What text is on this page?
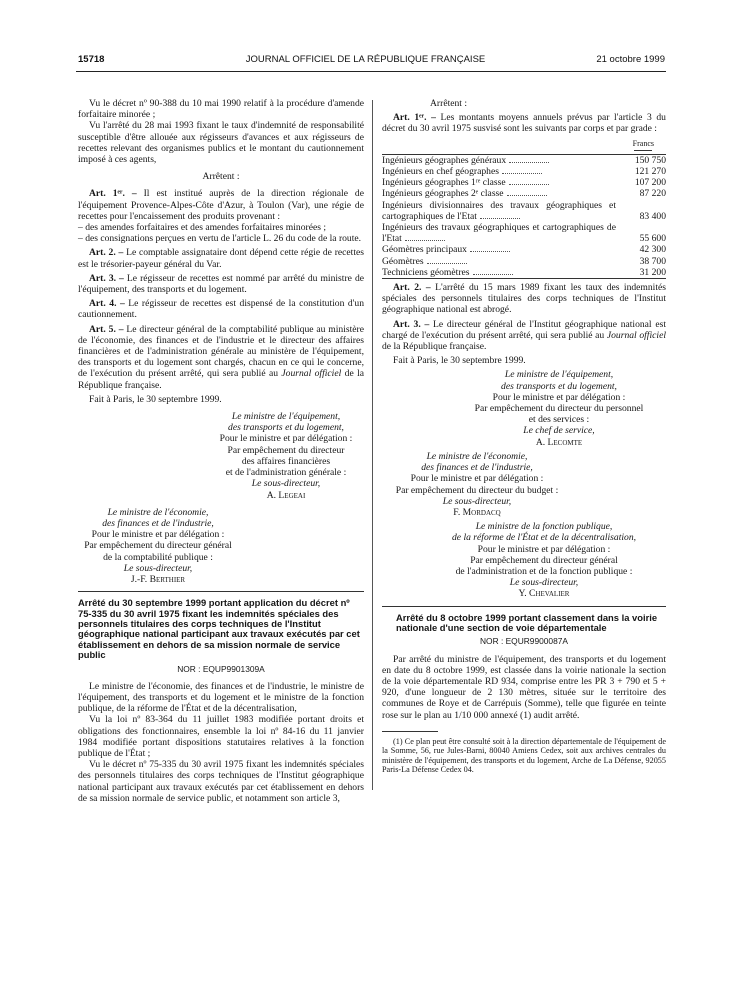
15718	JOURNAL OFFICIEL DE LA RÉPUBLIQUE FRANÇAISE	21 octobre 1999

Vu le décret nº 90-388 du 10 mai 1990 relatif à la procédure d'amende forfaitaire minorée ;

Vu l'arrêté du 28 mai 1993 fixant le taux d'indemnité de responsabilité susceptible d'être allouée aux régisseurs d'avances et aux régisseurs de recettes relevant des organismes publics et le montant du cautionnement imposé à ces agents,

Arrêtent :

Art. 1ᵉʳ. – Il est institué auprès de la direction régionale de l'équipement Provence-Alpes-Côte d'Azur, à Toulon (Var), une régie de recettes pour l'encaissement des produits provenant :

– des amendes forfaitaires et des amendes forfaitaires minorées ;

– des consignations perçues en vertu de l'article L. 26 du code de la route.

Art. 2. – Le comptable assignataire dont dépend cette régie de recettes est le trésorier-payeur général du Var.

Art. 3. – Le régisseur de recettes est nommé par arrêté du ministre de l'équipement, des transports et du logement.

Art. 4. – Le régisseur de recettes est dispensé de la constitution d'un cautionnement.

Art. 5. – Le directeur général de la comptabilité publique au ministère de l'économie, des finances et de l'industrie et le directeur des affaires financières et de l'administration générale au ministère de l'équipement, des transports et du logement sont chargés, chacun en ce qui le concerne, de l'exécution du présent arrêté, qui sera publié au Journal officiel de la République française.

Fait à Paris, le 30 septembre 1999.

Le ministre de l'équipement,

des transports et du logement,

Pour le ministre et par délégation :

Par empêchement du directeur

des affaires financières

et de l'administration générale :

Le sous-directeur,

A. Legeai

Le ministre de l'économie,

des finances et de l'industrie,

Pour le ministre et par délégation :

Par empêchement du directeur général

de la comptabilité publique :

Le sous-directeur,

J.-F. Berthier

Arrêté du 30 septembre 1999 portant application du décret nº 75-335 du 30 avril 1975 fixant les indemnités spéciales des personnels titulaires des corps techniques de l'Institut géographique national participant aux travaux exécutés par cet établissement en dehors de sa mission normale de service public

NOR : EQUP9901309A

Le ministre de l'économie, des finances et de l'industrie, le ministre de l'équipement, des transports et du logement et le ministre de la fonction publique, de la réforme de l'État et de la décentralisation,

Vu la loi nº 83-364 du 11 juillet 1983 modifiée portant droits et obligations des fonctionnaires, ensemble la loi nº 84-16 du 11 janvier 1984 modifiée portant dispositions statutaires relatives à la fonction publique de l'État ;

Vu le décret nº 75-335 du 30 avril 1975 fixant les indemnités spéciales des personnels titulaires des corps techniques de l'Institut géographique national participant aux travaux exécutés par cet établissement en dehors de sa mission normale de service public, et notamment son article 3,

Arrêtent :

Art. 1ᵉʳ. – Les montants moyens annuels prévus par l'article 3 du décret du 30 avril 1975 susvisé sont les suivants par corps et par grade :

Francs

Ingénieurs géographes généraux	150 750
Ingénieurs en chef géographes	121 270
Ingénieurs géographes 1ʳᵉ classe	107 200
Ingénieurs géographes 2ᵉ classe	87 220
Ingénieurs divisionnaires des travaux géographiques et cartographiques de l'Etat	83 400
Ingénieurs des travaux géographiques et cartographiques de l'Etat	55 600
Géomètres principaux	42 300
Géomètres	38 700
Techniciens géomètres	31 200

Art. 2. – L'arrêté du 15 mars 1989 fixant les taux des indemnités spéciales des personnels titulaires des corps techniques de l'Institut géographique national est abrogé.

Art. 3. – Le directeur général de l'Institut géographique national est chargé de l'exécution du présent arrêté, qui sera publié au Journal officiel de la République française.

Fait à Paris, le 30 septembre 1999.

Le ministre de l'équipement,

des transports et du logement,

Pour le ministre et par délégation :

Par empêchement du directeur du personnel

et des services :

Le chef de service,

A. Lecomte

Le ministre de l'économie,

des finances et de l'industrie,

Pour le ministre et par délégation :

Par empêchement du directeur du budget :

Le sous-directeur,

F. Mordacq

Le ministre de la fonction publique,

de la réforme de l'État et de la décentralisation,

Pour le ministre et par délégation :

Par empêchement du directeur général

de l'administration et de la fonction publique :

Le sous-directeur,

Y. Chevalier

Arrêté du 8 octobre 1999 portant classement dans la voirie nationale d'une section de voie départementale

NOR : EQUR9900087A

Par arrêté du ministre de l'équipement, des transports et du logement en date du 8 octobre 1999, est classée dans la voirie nationale la section de la voie départementale RD 934, comprise entre les PR 3 + 790 et 5 + 920, d'une longueur de 2 130 mètres, située sur le territoire des communes de Roye et de Carrépuis (Somme), telle que figurée en teinte rose sur le plan au 1/10 000 annexé (1) audit arrêté.

(1) Ce plan peut être consulté soit à la direction départementale de l'équipement de la Somme, 56, rue Jules-Barni, 80040 Amiens Cedex, soit aux archives centrales du ministère de l'équipement, des transports et du logement, Arche de La Défense, 92055 Paris-La Défense Cedex 04.
